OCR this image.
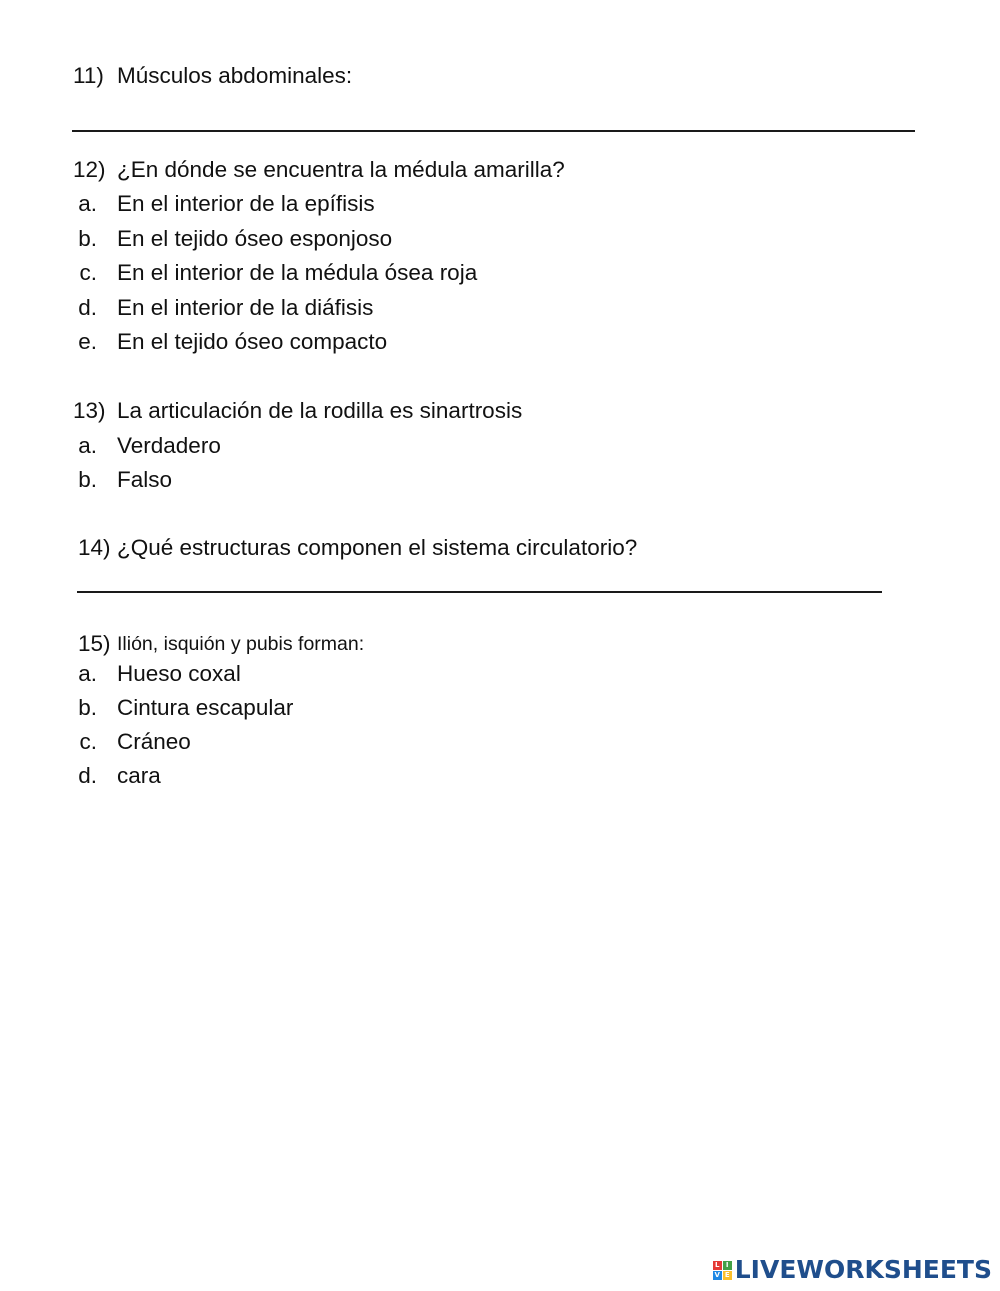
11) Músculos abdominales:
12) ¿En dónde se encuentra la médula amarilla?
a. En el interior de la epífisis
b. En el tejido óseo esponjoso
c. En el interior de la médula ósea roja
d. En el interior de la diáfisis
e. En el tejido óseo compacto
13) La articulación de la rodilla es sinartrosis
a. Verdadero
b. Falso
14) ¿Qué estructuras componen el sistema circulatorio?
15) Ilión, isquión y pubis forman:
a. Hueso coxal
b. Cintura escapular
c. Cráneo
d. cara
L I
V E LIVEWORKSHEETS
